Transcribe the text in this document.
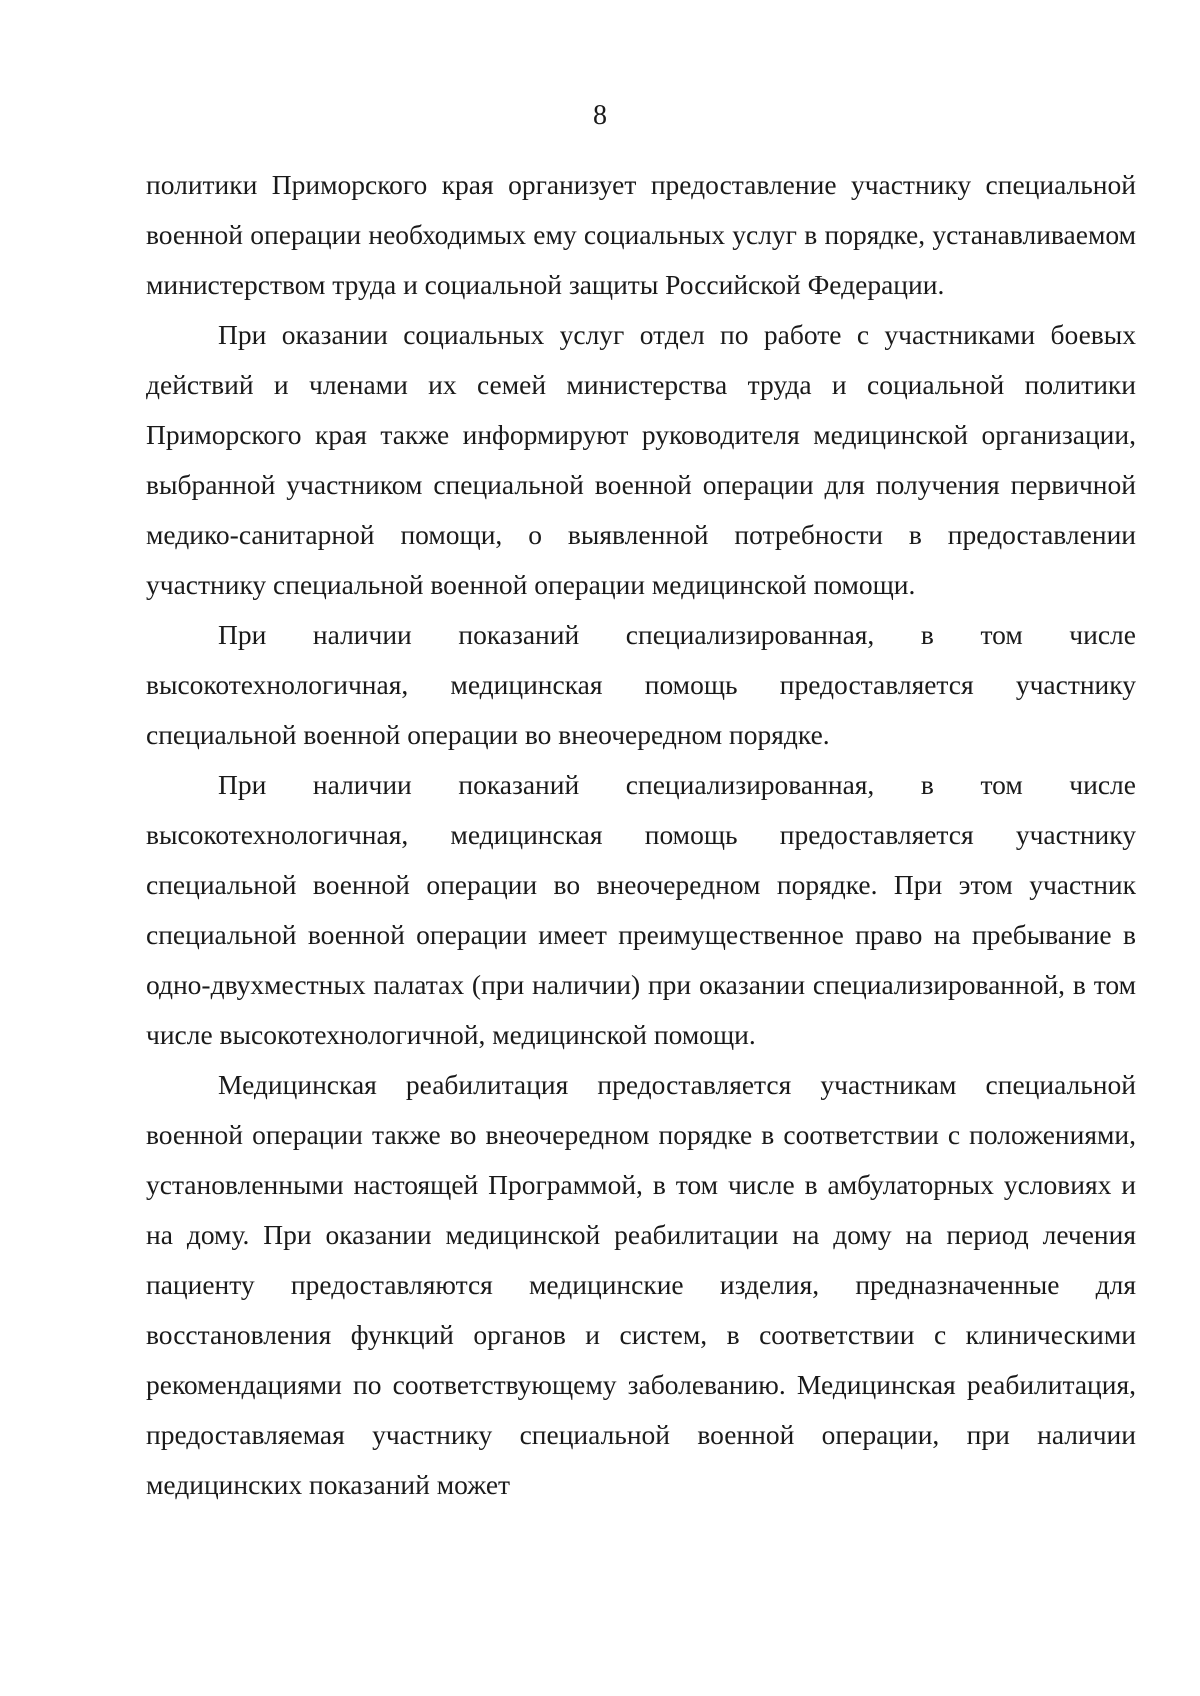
8

политики Приморского края организует предоставление участнику специальной военной операции необходимых ему социальных услуг в порядке, устанавливаемом министерством труда и социальной защиты Российской Федерации.

При оказании социальных услуг отдел по работе с участниками боевых действий и членами их семей министерства труда и социальной политики Приморского края также информируют руководителя медицинской организации, выбранной участником специальной военной операции для получения первичной медико-санитарной помощи, о выявленной потребности в предоставлении участнику специальной военной операции медицинской помощи.

При наличии показаний специализированная, в том числе высокотехнологичная, медицинская помощь предоставляется участнику специальной военной операции во внеочередном порядке.

При наличии показаний специализированная, в том числе высокотехнологичная, медицинская помощь предоставляется участнику специальной военной операции во внеочередном порядке. При этом участник специальной военной операции имеет преимущественное право на пребывание в одно-двухместных палатах (при наличии) при оказании специализированной, в том числе высокотехнологичной, медицинской помощи.

Медицинская реабилитация предоставляется участникам специальной военной операции также во внеочередном порядке в соответствии с положениями, установленными настоящей Программой, в том числе в амбулаторных условиях и на дому. При оказании медицинской реабилитации на дому на период лечения пациенту предоставляются медицинские изделия, предназначенные для восстановления функций органов и систем, в соответствии с клиническими рекомендациями по соответствующему заболеванию. Медицинская реабилитация, предоставляемая участнику специальной военной операции, при наличии медицинских показаний может
